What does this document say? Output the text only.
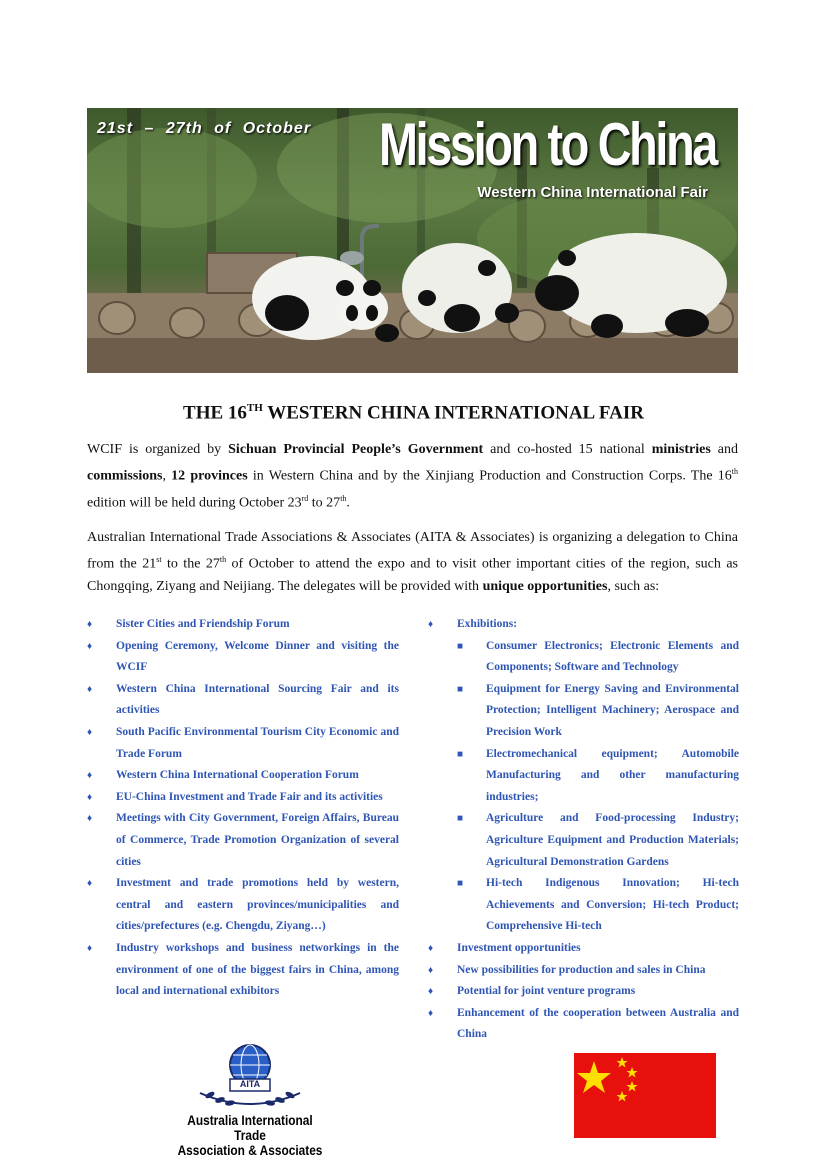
21st – 27th of October Mission to China
Western China International Fair
THE 16TH WESTERN CHINA INTERNATIONAL FAIR
WCIF is organized by Sichuan Provincial People’s Government and co-hosted 15 national ministries and commissions, 12 provinces in Western China and by the Xinjiang Production and Construction Corps. The 16th edition will be held during October 23rd to 27th.
Australian International Trade Associations & Associates (AITA & Associates) is organizing a delegation to China from the 21st to the 27th of October to attend the expo and to visit other important cities of the region, such as Chongqing, Ziyang and Neijiang. The delegates will be provided with unique opportunities, such as:
♦	Sister Cities and Friendship Forum
♦	Opening Ceremony, Welcome Dinner and visiting the WCIF
♦	Western China International Sourcing Fair and its activities
♦	South Pacific Environmental Tourism City Economic and Trade Forum
♦	Western China International Cooperation Forum
♦	EU-China Investment and Trade Fair and its activities
♦	Meetings with City Government, Foreign Affairs, Bureau of Commerce, Trade Promotion Organization of several cities
♦	Investment and trade promotions held by western, central and eastern provinces/municipalities and cities/prefectures (e.g. Chengdu, Ziyang…)
♦	Industry workshops and business networkings in the environment of one of the biggest fairs in China, among local and international exhibitors
♦	Exhibitions:
■	Consumer Electronics; Electronic Elements and Components; Software and Technology
■	Equipment for Energy Saving and Environmental Protection; Intelligent Machinery; Aerospace and Precision Work
■	Electromechanical equipment; Automobile Manufacturing and other manufacturing industries;
■	Agriculture and Food-processing Industry; Agriculture Equipment and Production Materials; Agricultural Demonstration Gardens
■	Hi-tech Indigenous Innovation; Hi-tech Achievements and Conversion; Hi-tech Product; Comprehensive Hi-tech
♦	Investment opportunities
♦	New possibilities for production and sales in China
♦	Potential for joint venture programs
♦	Enhancement of the cooperation between Australia and China
AITA
Australia International Trade
Association & Associates
